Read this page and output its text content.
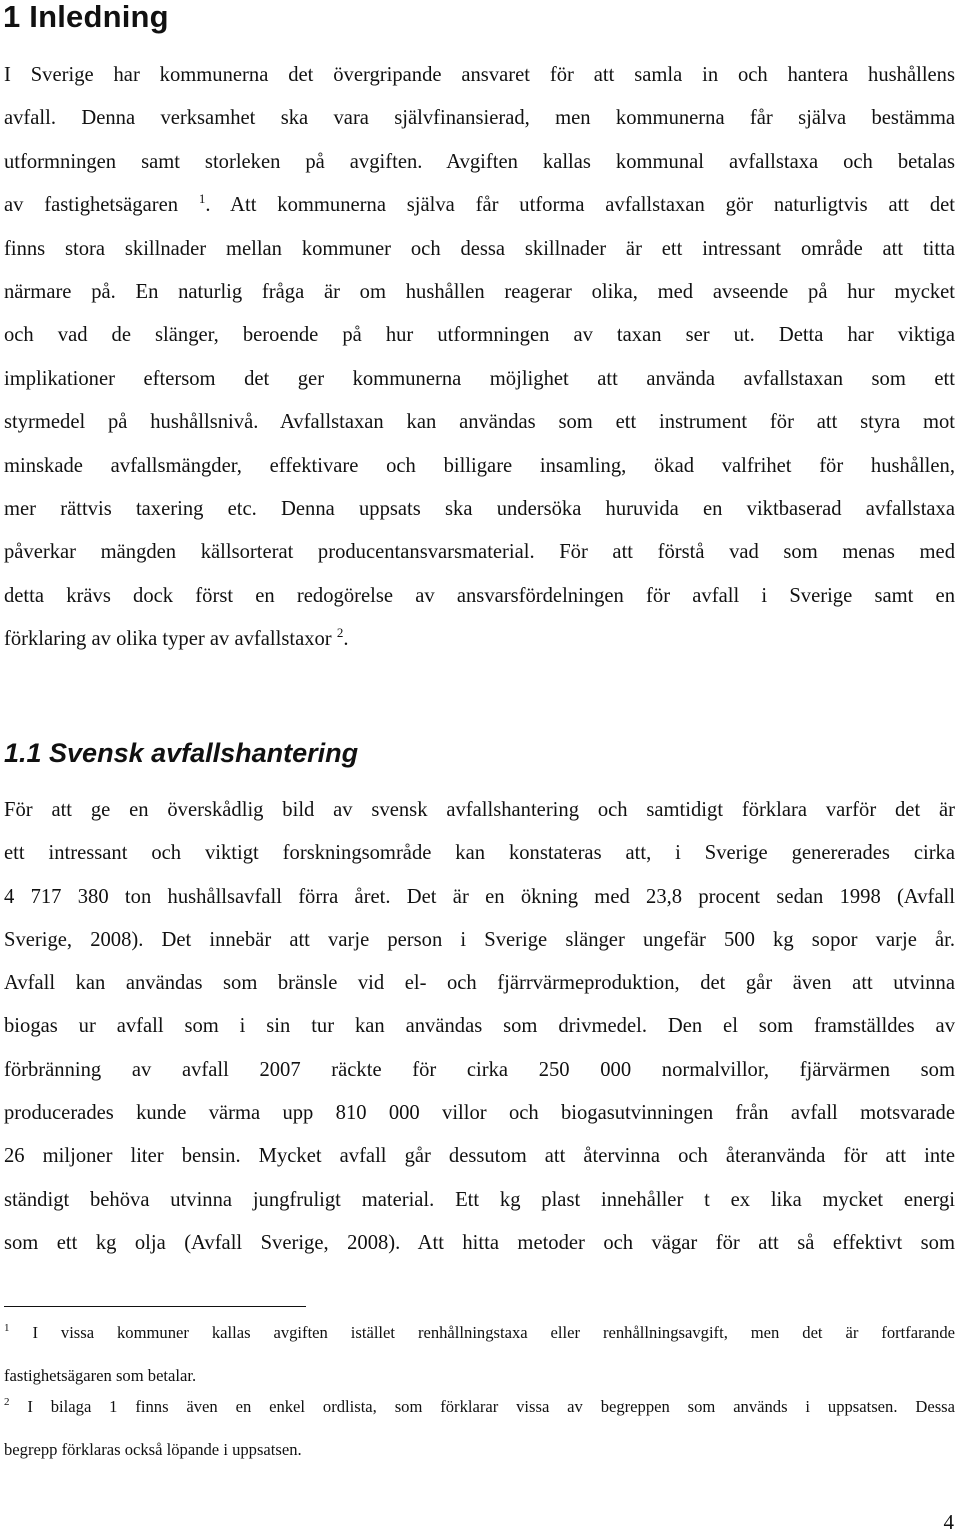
1 Inledning
I Sverige har kommunerna det övergripande ansvaret för att samla in och hantera hushållens
avfall. Denna verksamhet ska vara självfinansierad, men kommunerna får själva bestämma
utformningen samt storleken på avgiften. Avgiften kallas kommunal avfallstaxa och betalas
av fastighetsägaren $^1$. Att kommunerna själva får utforma avfallstaxan gör naturligtvis att det
finns stora skillnader mellan kommuner och dessa skillnader är ett intressant område att titta
närmare på. En naturlig fråga är om hushållen reagerar olika, med avseende på hur mycket
och vad de slänger, beroende på hur utformningen av taxan ser ut. Detta har viktiga
implikationer eftersom det ger kommunerna möjlighet att använda avfallstaxan som ett
styrmedel på hushållsnivå. Avfallstaxan kan användas som ett instrument för att styra mot
minskade avfallsmängder, effektivare och billigare insamling, ökad valfrihet för hushållen,
mer rättvis taxering etc. Denna uppsats ska undersöka huruvida en viktbaserad avfallstaxa
påverkar mängden källsorterat producentansvarsmaterial. För att förstå vad som menas med
detta krävs dock först en redogörelse av ansvarsfördelningen för avfall i Sverige samt en
förklaring av olika typer av avfallstaxor $^2$.
1.1 Svensk avfallshantering
För att ge en överskådlig bild av svensk avfallshantering och samtidigt förklara varför det är
ett intressant och viktigt forskningsområde kan konstateras att, i Sverige genererades cirka
4 717 380 ton hushållsavfall förra året. Det är en ökning med 23,8 procent sedan 1998 (Avfall
Sverige, 2008). Det innebär att varje person i Sverige slänger ungefär 500 kg sopor varje år.
Avfall kan användas som bränsle vid el- och fjärrvärmeproduktion, det går även att utvinna
biogas ur avfall som i sin tur kan användas som drivmedel. Den el som framställdes av
förbränning av avfall 2007 räckte för cirka 250 000 normalvillor, fjärvärmen som
producerades kunde värma upp 810 000 villor och biogasutvinningen från avfall motsvarade
26 miljoner liter bensin. Mycket avfall går dessutom att återvinna och återanvända för att inte
ständigt behöva utvinna jungfruligt material. Ett kg plast innehåller t ex lika mycket energi
som ett kg olja (Avfall Sverige, 2008). Att hitta metoder och vägar för att så effektivt som
$^1$ I vissa kommuner kallas avgiften istället renhållningstaxa eller renhållningsavgift, men det är fortfarande
fastighetsägaren som betalar.
$^2$ I bilaga 1 finns även en enkel ordlista, som förklarar vissa av begreppen som används i uppsatsen. Dessa
begrepp förklaras också löpande i uppsatsen.
4
